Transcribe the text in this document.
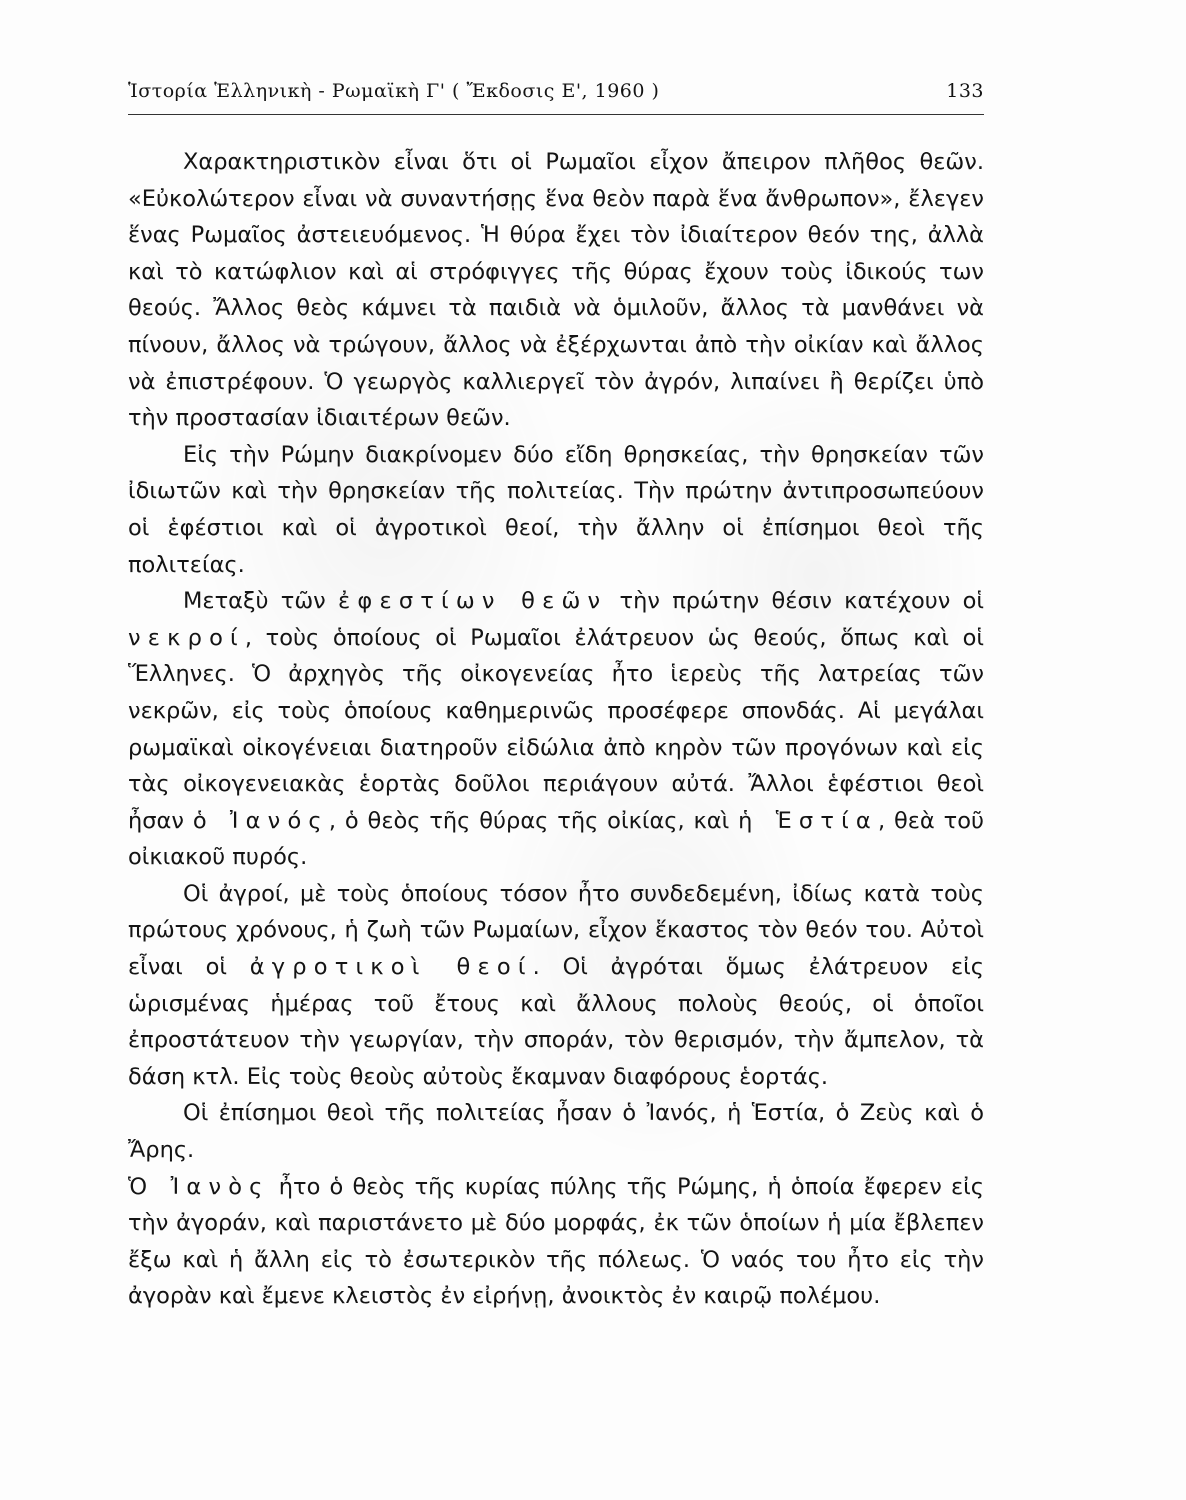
Ἱστορία Ἑλληνικὴ - Ρωμαϊκὴ Γ' ( Ἔκδοσις Ε', 1960 )	133

Χαρακτηριστικὸν εἶναι ὅτι οἱ Ρωμαῖοι εἶχον ἄπειρον πλῆθος θεῶν. «Εὐκολώτερον εἶναι νὰ συναντήσῃς ἕνα θεὸν παρὰ ἕνα ἄνθρωπον», ἔλεγεν ἕνας Ρωμαῖος ἀστειευόμενος. Ἡ θύρα ἔχει τὸν ἰδιαίτερον θεόν της, ἀλλὰ καὶ τὸ κατώφλιον καὶ αἱ στρόφιγγες τῆς θύρας ἔχουν τοὺς ἰδικούς των θεούς. Ἄλλος θεὸς κάμνει τὰ παιδιὰ νὰ ὁμιλοῦν, ἄλλος τὰ μανθάνει νὰ πίνουν, ἄλλος νὰ τρώγουν, ἄλλος νὰ ἐξέρχωνται ἀπὸ τὴν οἰκίαν καὶ ἄλλος νὰ ἐπιστρέφουν. Ὁ γεωργὸς καλλιεργεῖ τὸν ἀγρόν, λιπαίνει ἢ θερίζει ὑπὸ τὴν προστασίαν ἰδιαιτέρων θεῶν.

Εἰς τὴν Ρώμην διακρίνομεν δύο εἴδη θρησκείας, τὴν θρησκείαν τῶν ἰδιωτῶν καὶ τὴν θρησκείαν τῆς πολιτείας. Τὴν πρώτην ἀντιπροσωπεύουν οἱ ἑφέστιοι καὶ οἱ ἀγροτικοὶ θεοί, τὴν ἄλλην οἱ ἐπίσημοι θεοὶ τῆς πολιτείας.

Μεταξὺ τῶν ἐφεστίων θεῶν τὴν πρώτην θέσιν κατέχουν οἱ νεκροί, τοὺς ὁποίους οἱ Ρωμαῖοι ἐλάτρευον ὡς θεούς, ὅπως καὶ οἱ Ἕλληνες. Ὁ ἀρχηγὸς τῆς οἰκογενείας ἦτο ἱερεὺς τῆς λατρείας τῶν νεκρῶν, εἰς τοὺς ὁποίους καθημερινῶς προσέφερε σπονδάς. Αἱ μεγάλαι ρωμαϊκαὶ οἰκογένειαι διατηροῦν εἰδώλια ἀπὸ κηρὸν τῶν προγόνων καὶ εἰς τὰς οἰκογενειακὰς ἑορτὰς δοῦλοι περιάγουν αὐτά. Ἄλλοι ἑφέστιοι θεοὶ ἦσαν ὁ Ἰανός, ὁ θεὸς τῆς θύρας τῆς οἰκίας, καὶ ἡ Ἑστία, θεὰ τοῦ οἰκιακοῦ πυρός.

Οἱ ἀγροί, μὲ τοὺς ὁποίους τόσον ἦτο συνδεδεμένη, ἰδίως κατὰ τοὺς πρώτους χρόνους, ἡ ζωὴ τῶν Ρωμαίων, εἶχον ἕκαστος τὸν θεόν του. Αὐτοὶ εἶναι οἱ ἀγροτικοὶ θεοί. Οἱ ἀγρόται ὅμως ἐλάτρευον εἰς ὡρισμένας ἡμέρας τοῦ ἔτους καὶ ἄλλους πολοὺς θεούς, οἱ ὁποῖοι ἐπροστάτευον τὴν γεωργίαν, τὴν σποράν, τὸν θερισμόν, τὴν ἄμπελον, τὰ δάση κτλ. Εἰς τοὺς θεοὺς αὐτοὺς ἔκαμναν διαφόρους ἑορτάς.

Οἱ ἐπίσημοι θεοὶ τῆς πολιτείας ἦσαν ὁ Ἰανός, ἡ Ἑστία, ὁ Ζεὺς καὶ ὁ Ἄρης.

Ὁ Ἰανὸς ἦτο ὁ θεὸς τῆς κυρίας πύλης τῆς Ρώμης, ἡ ὁποία ἔφερεν εἰς τὴν ἀγοράν, καὶ παριστάνετο μὲ δύο μορφάς, ἐκ τῶν ὁποίων ἡ μία ἔβλεπεν ἔξω καὶ ἡ ἄλλη εἰς τὸ ἐσωτερικὸν τῆς πόλεως. Ὁ ναός του ἦτο εἰς τὴν ἀγορὰν καὶ ἔμενε κλειστὸς ἐν εἰρήνῃ, ἀνοικτὸς ἐν καιρῷ πολέμου.
